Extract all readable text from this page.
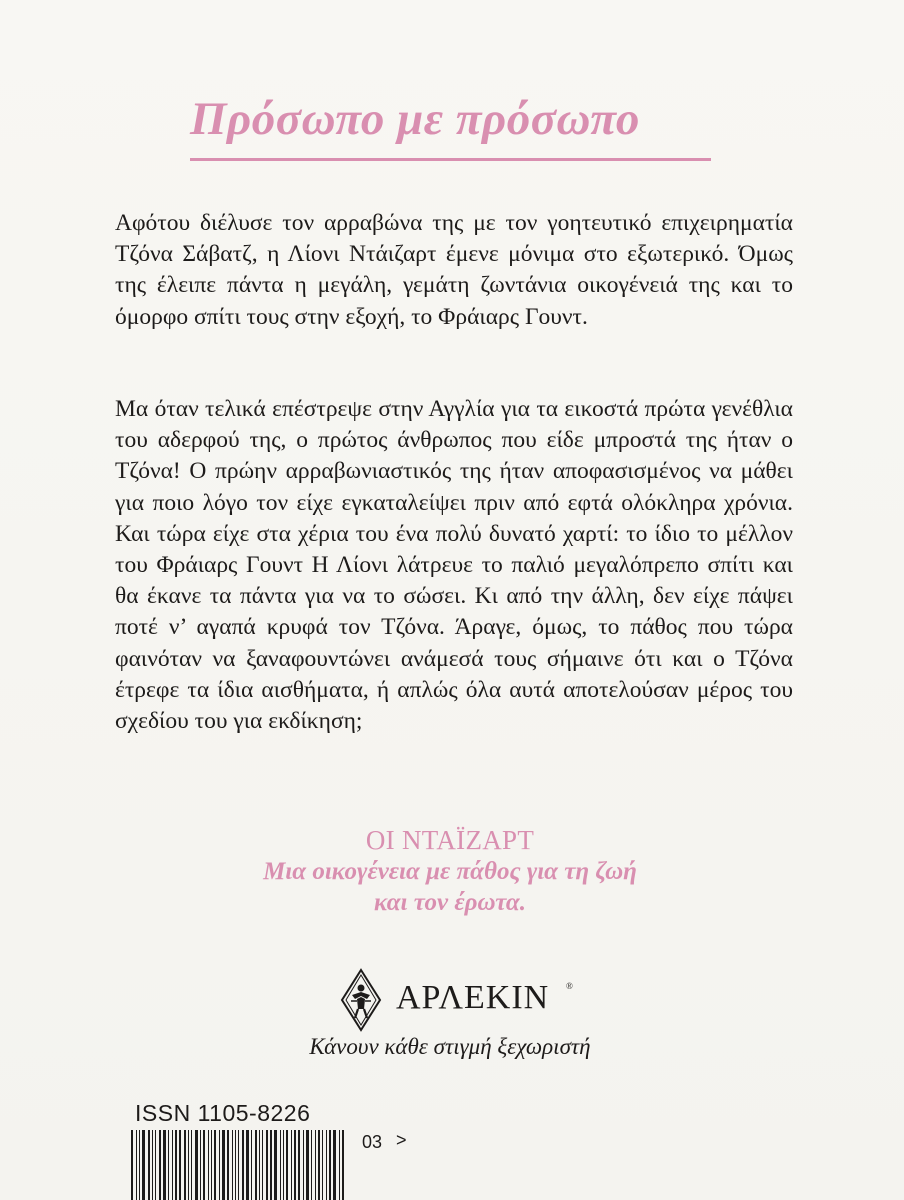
Πρόσωπο με πρόσωπο
Αφότου διέλυσε τον αρραβώνα της με τον γοητευτικό επιχειρηματία Τζόνα Σάβατζ, η Λίονι Ντάιζαρτ έμενε μόνιμα στο εξωτερικό. Όμως της έλειπε πάντα η μεγάλη, γεμάτη ζωντάνια οικογένειά της και το όμορφο σπίτι τους στην εξοχή, το Φράιαρς Γουντ.
Μα όταν τελικά επέστρεψε στην Αγγλία για τα εικοστά πρώτα γενέθλια του αδερφού της, ο πρώτος άνθρωπος που είδε μπροστά της ήταν ο Τζόνα! Ο πρώην αρραβωνιαστικός της ήταν αποφασισμένος να μάθει για ποιο λόγο τον είχε εγκαταλείψει πριν από εφτά ολόκληρα χρόνια. Και τώρα είχε στα χέρια του ένα πολύ δυνατό χαρτί: το ίδιο το μέλλον του Φράιαρς Γουντ Η Λίονι λάτρευε το παλιό μεγαλόπρεπο σπίτι και θα έκανε τα πάντα για να το σώσει. Κι από την άλλη, δεν είχε πάψει ποτέ ν’ αγαπά κρυφά τον Τζόνα. Άραγε, όμως, το πάθος που τώρα φαινόταν να ξαναφουντώνει ανάμεσά τους σήμαινε ότι και ο Τζόνα έτρεφε τα ίδια αισθήματα, ή απλώς όλα αυτά αποτελούσαν μέρος του σχεδίου του για εκδίκηση;
ΟΙ ΝΤΑΪΖΑΡΤ
Μια οικογένεια με πάθος για τη ζωή
και τον έρωτα.
ΑΡΛΕΚΙΝ ®
Κάνουν κάθε στιγμή ξεχωριστή
ISSN 1105-8226
03 >
